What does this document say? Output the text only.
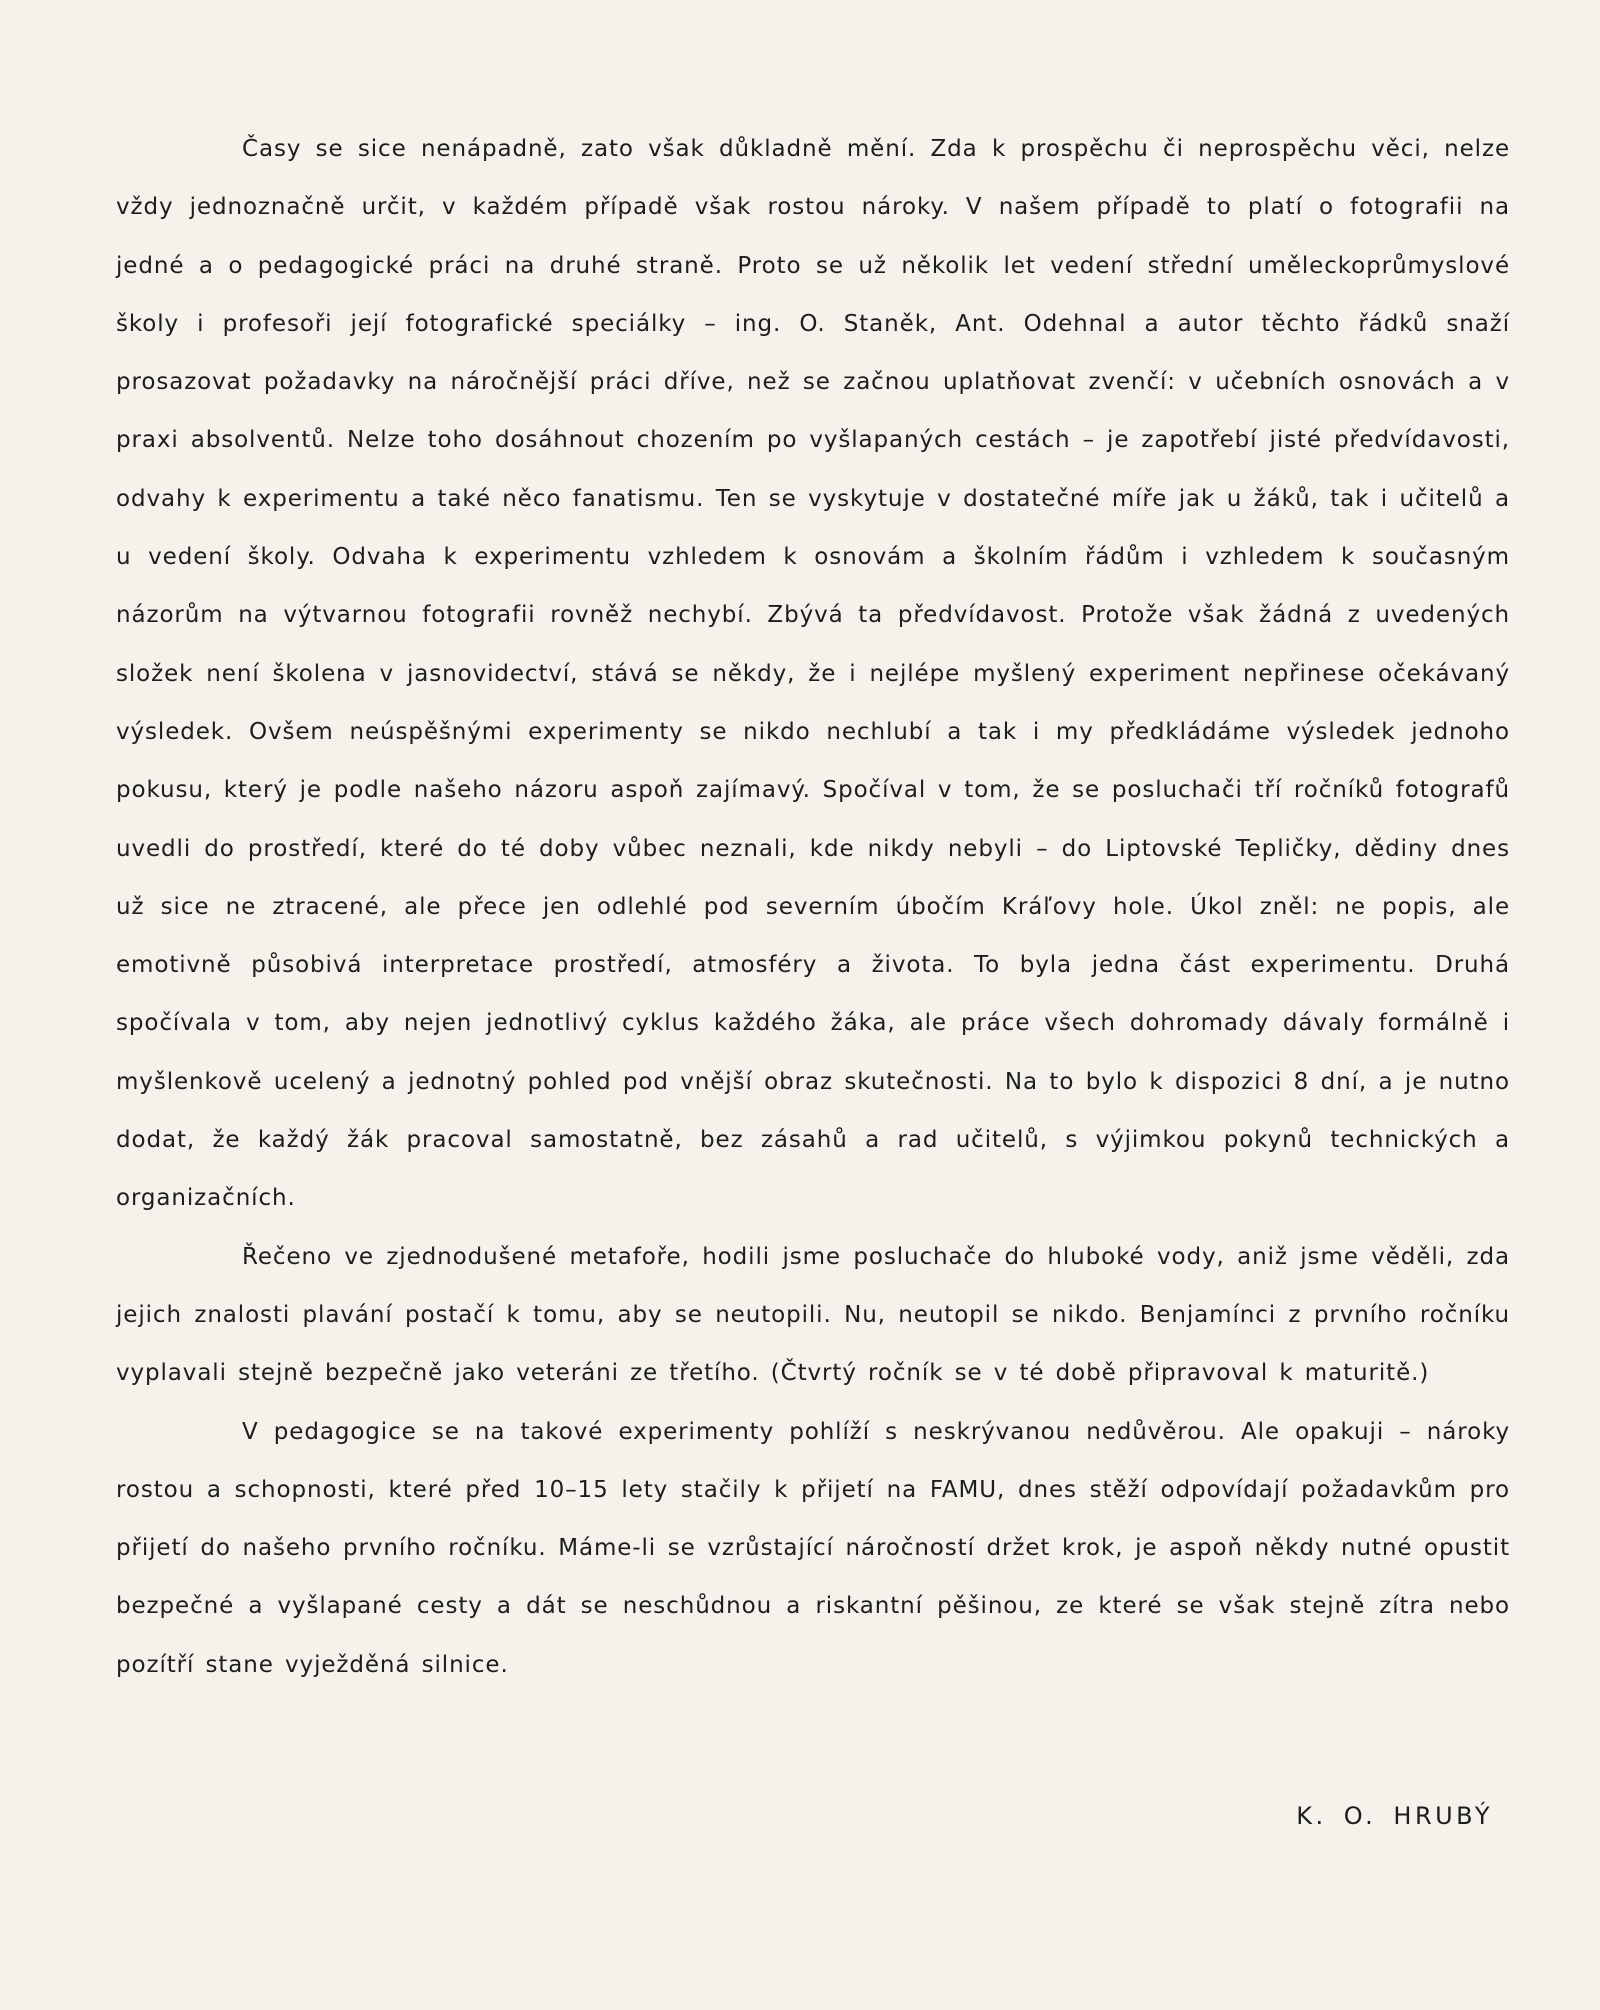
Časy se sice nenápadně, zato však důkladně mění. Zda k prospěchu či neprospěchu věci, nelze vždy jednoznačně určit, v každém případě však rostou nároky. V našem případě to platí o fotografii na jedné a o pedagogické práci na druhé straně. Proto se už několik let vedení střední uměleckoprůmyslové školy i profesoři její fotografické speciálky – ing. O. Staněk, Ant. Odehnal a autor těchto řádků snaží prosazovat požadavky na náročnější práci dříve, než se začnou uplatňovat zvenčí: v učebních osnovách a v praxi absolventů. Nelze toho dosáhnout chozením po vyšlapaných cestách – je zapotřebí jisté předvídavosti, odvahy k experimentu a také něco fanatismu. Ten se vyskytuje v dostatečné míře jak u žáků, tak i učitelů a u vedení školy. Odvaha k experimentu vzhledem k osnovám a školním řádům i vzhledem k současným názorům na výtvarnou fotografii rovněž nechybí. Zbývá ta předvídavost. Protože však žádná z uvedených složek není školena v jasnovidectví, stává se někdy, že i nejlépe myšlený experiment nepřinese očekávaný výsledek. Ovšem neúspěšnými experimenty se nikdo nechlubí a tak i my předkládáme výsledek jednoho pokusu, který je podle našeho názoru aspoň zajímavý. Spočíval v tom, že se posluchači tří ročníků fotografů uvedli do prostředí, které do té doby vůbec neznali, kde nikdy nebyli – do Liptovské Tepličky, dědiny dnes už sice ne ztracené, ale přece jen odlehlé pod severním úbočím Kráľovy hole. Úkol zněl: ne popis, ale emotivně působivá interpretace prostředí, atmosféry a života. To byla jedna část experimentu. Druhá spočívala v tom, aby nejen jednotlivý cyklus každého žáka, ale práce všech dohromady dávaly formálně i myšlenkově ucelený a jednotný pohled pod vnější obraz skutečnosti. Na to bylo k dispozici 8 dní, a je nutno dodat, že každý žák pracoval samostatně, bez zásahů a rad učitelů, s výjimkou pokynů technických a organizačních.

Řečeno ve zjednodušené metafoře, hodili jsme posluchače do hluboké vody, aniž jsme věděli, zda jejich znalosti plavání postačí k tomu, aby se neutopili. Nu, neutopil se nikdo. Benjamínci z prvního ročníku vyplavali stejně bezpečně jako veteráni ze třetího. (Čtvrtý ročník se v té době připravoval k maturitě.)

V pedagogice se na takové experimenty pohlíží s neskrývanou nedůvěrou. Ale opakuji – nároky rostou a schopnosti, které před 10–15 lety stačily k přijetí na FAMU, dnes stěží odpovídají požadavkům pro přijetí do našeho prvního ročníku. Máme-li se vzrůstající náročností držet krok, je aspoň někdy nutné opustit bezpečné a vyšlapané cesty a dát se neschůdnou a riskantní pěšinou, ze které se však stejně zítra nebo pozítří stane vyježděná silnice.

K. O. HRUBÝ
